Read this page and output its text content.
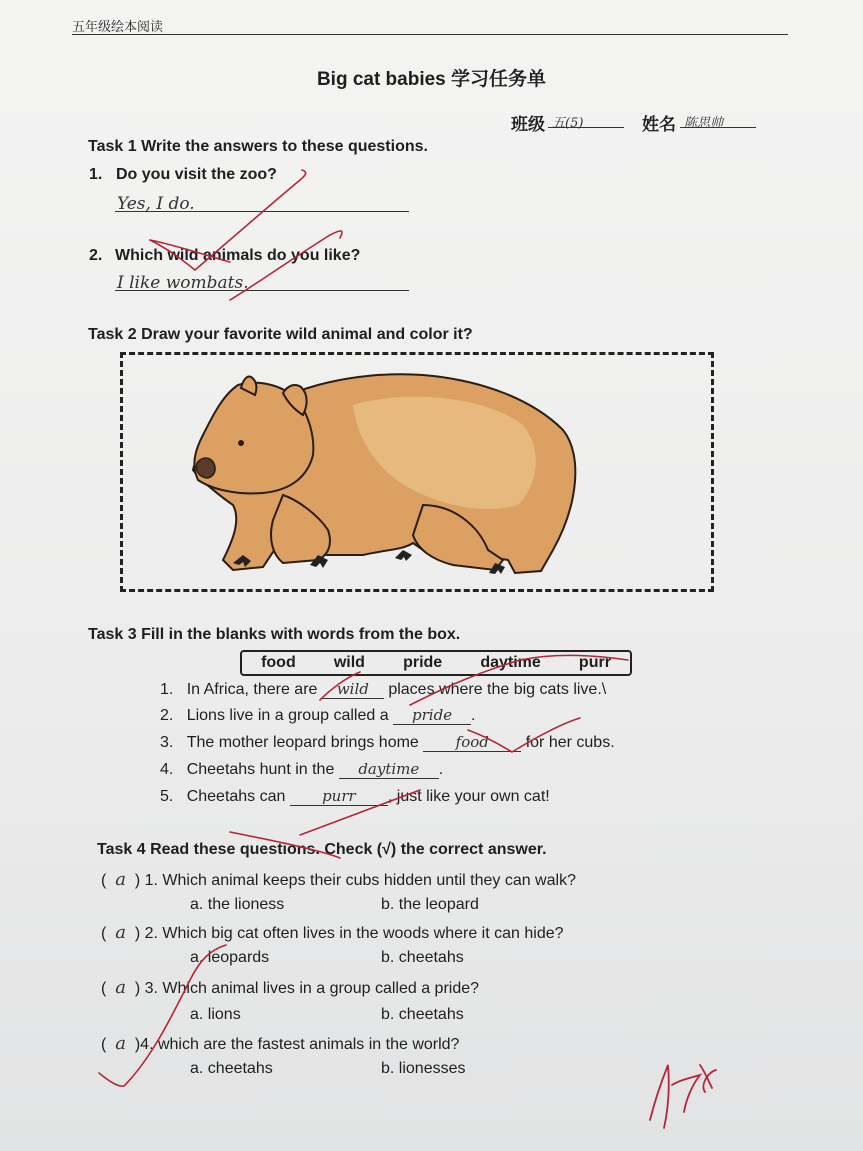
五年级绘本阅读
Big cat babies 学习任务单
班级 五(5)	姓名 陈思帅
Task 1 Write the answers to these questions.
1. Do you visit the zoo?
Yes, I do.
2. Which wild animals do you like?
I like wombats.
Task 2 Draw your favorite wild animal and color it?
Task 3 Fill in the blanks with words from the box.
food wild pride daytime purr
1. In Africa, there are wild places where the big cats live.\
2. Lions live in a group called a pride .
3. The mother leopard brings home food for her cubs.
4. Cheetahs hunt in the daytime .
5. Cheetahs can purr , just like your own cat!
Task 4 Read these questions. Check (√) the correct answer.
(  a ) 1. Which animal keeps their cubs hidden until they can walk?
a. the lioness	b. the leopard
(  a ) 2. Which big cat often lives in the woods where it can hide?
a. leopards	b. cheetahs
(  a ) 3. Which animal lives in a group called a pride?
a. lions	b. cheetahs
(  a )4. which are the fastest animals in the world?
a. cheetahs	b. lionesses
